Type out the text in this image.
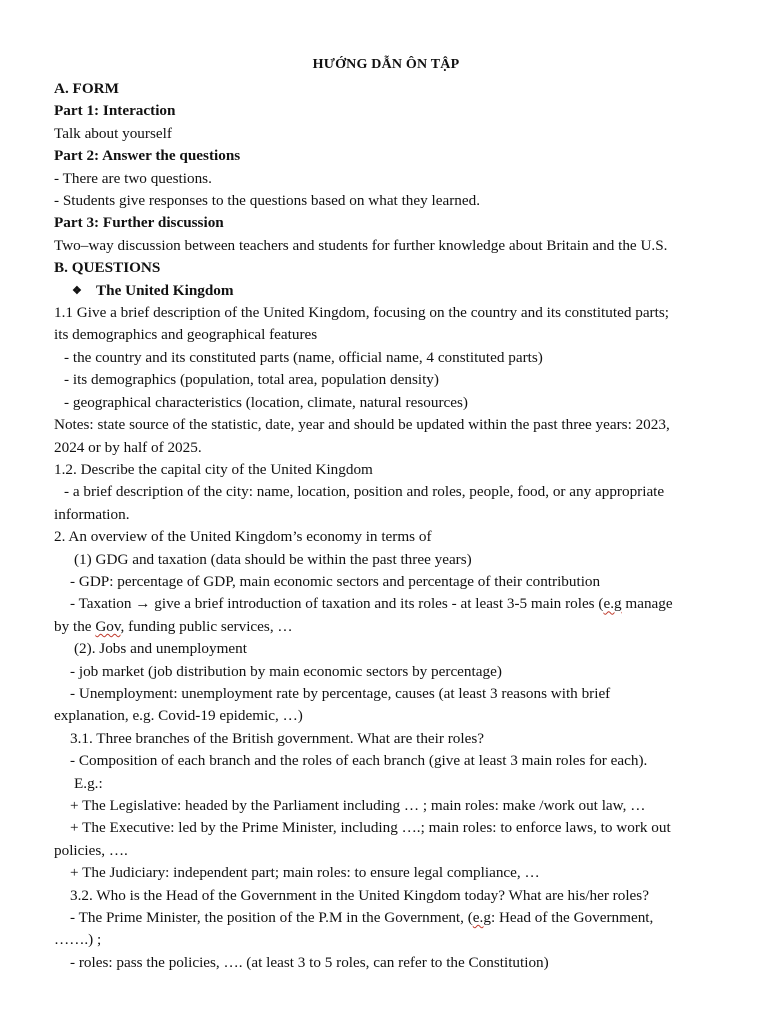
HƯỚNG DẪN ÔN TẬP

A. FORM

Part 1: Interaction

Talk about yourself

Part 2: Answer the questions

- There are two questions.

- Students give responses to the questions based on what they learned.

Part 3: Further discussion

Two–way discussion between teachers and students for further knowledge about Britain and the U.S.

B. QUESTIONS

❖ The United Kingdom

1.1 Give a brief description of the United Kingdom, focusing on the country and its constituted parts;

its demographics and geographical features

- the country and its constituted parts (name, official name, 4 constituted parts)

- its demographics (population, total area, population density)

- geographical characteristics (location, climate, natural resources)

Notes: state source of the statistic, date, year and should be updated within the past three years: 2023,

2024 or by half of 2025.

1.2. Describe the capital city of the United Kingdom

- a brief description of the city: name, location, position and roles, people, food, or any appropriate

information.

2. An overview of the United Kingdom’s economy in terms of

(1) GDG and taxation (data should be within the past three years)

- GDP: percentage of GDP, main economic sectors and percentage of their contribution

- Taxation → give a brief introduction of taxation and its roles - at least 3-5 main roles (e.g manage

by the Gov, funding public services, …

(2). Jobs and unemployment

- job market (job distribution by main economic sectors by percentage)

- Unemployment: unemployment rate by percentage, causes (at least 3 reasons with brief

explanation, e.g. Covid-19 epidemic, …)

3.1. Three branches of the British government. What are their roles?

- Composition of each branch and the roles of each branch (give at least 3 main roles for each).

E.g.:

+ The Legislative: headed by the Parliament including … ; main roles: make /work out law, …

+ The Executive: led by the Prime Minister, including ….; main roles: to enforce laws, to work out

policies, ….

+ The Judiciary: independent part; main roles: to ensure legal compliance, …

3.2. Who is the Head of the Government in the United Kingdom today? What are his/her roles?

- The Prime Minister, the position of the P.M in the Government, (e.g: Head of the Government,

…….) ;

- roles: pass the policies, …. (at least 3 to 5 roles, can refer to the Constitution)
